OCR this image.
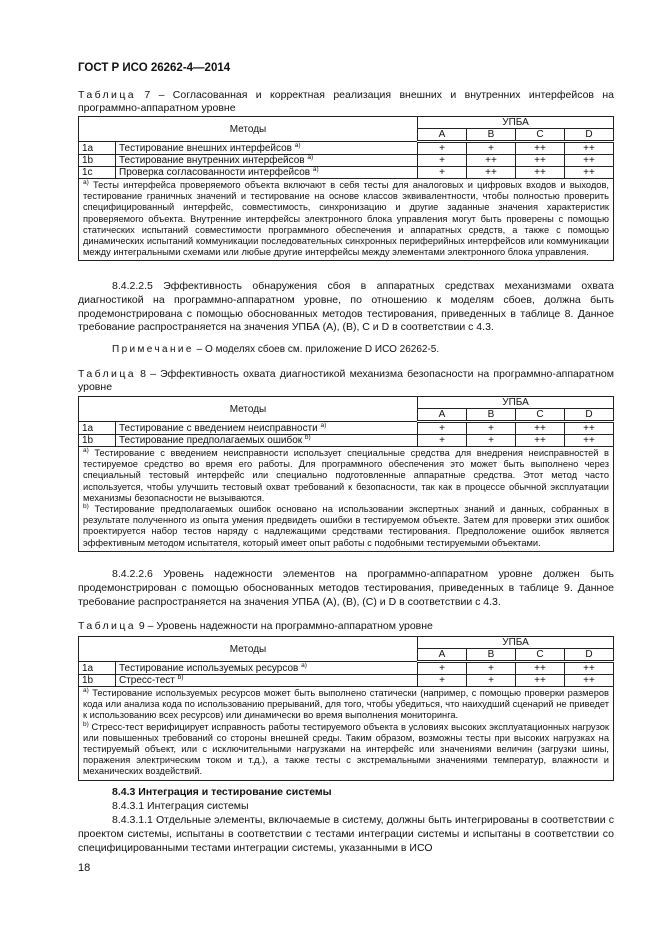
ГОСТ Р ИСО 26262-4—2014
Таблица 7 – Согласованная и корректная реализация внешних и внутренних интерфейсов на программно-аппаратном уровне
Методы		УПБА			
		A	B	C	D
1a	Тестирование внешних интерфейсов $^{a)}$	+	+	++	++
1b	Тестирование внутренних интерфейсов $^{a)}$	+	++	++	++
1c	Проверка согласованности интерфейсов $^{a)}$	+	++	++	++
$^{a)}$ Тесты интерфейса проверяемого объекта включают в себя тесты для аналоговых и цифровых входов и выходов, тестирование граничных значений и тестирование на основе классов эквивалентности, чтобы полностью проверить специфицированный интерфейс, совместимость, синхронизацию и другие заданные значения характеристик проверяемого объекта. Внутренние интерфейсы электронного блока управления могут быть проверены с помощью статических испытаний совместимости программного обеспечения и аппаратных средств, а также с помощью динамических испытаний коммуникации последовательных синхронных периферийных интерфейсов или коммуникации между интегральными схемами или любые другие интерфейсы между элементами электронного блока управления.					
8.4.2.2.5 Эффективность обнаружения сбоя в аппаратных средствах механизмами охвата диагностикой на программно-аппаратном уровне, по отношению к моделям сбоев, должна быть продемонстрирована с помощью обоснованных методов тестирования, приведенных в таблице 8. Данное требование распространяется на значения УПБА (A), (B), C и D в соответствии с 4.3.
Примечание – О моделях сбоев см. приложение D ИСО 26262-5.
Таблица 8 – Эффективность охвата диагностикой механизма безопасности на программно-аппаратном уровне
Методы		УПБА			
		A	B	C	D
1a	Тестирование с введением неисправности $^{a)}$	+	+	++	++
1b	Тестирование предполагаемых ошибок $^{b)}$	+	+	++	++

$^{a)}$ Тестирование с введением неисправности использует специальные средства для внедрения неисправностей в тестируемое средство во время его работы. Для программного обеспечения это может быть выполнено через специальный тестовый интерфейс или специально подготовленные аппаратные средства. Этот метод часто используется, чтобы улучшить тестовый охват требований к безопасности, так как в процессе обычной эксплуатации механизмы безопасности не вызываются.
$^{b)}$ Тестирование предполагаемых ошибок основано на использовании экспертных знаний и данных, собранных в результате полученного из опыта умения предвидеть ошибки в тестируемом объекте. Затем для проверки этих ошибок проектируется набор тестов наряду с надлежащими средствами тестирования. Предположение ошибок является эффективным методом испытателя, который имеет опыт работы с подобными тестируемыми объектами.					
8.4.2.2.6 Уровень надежности элементов на программно-аппаратном уровне должен быть продемонстрирован с помощью обоснованных методов тестирования, приведенных в таблице 9. Данное требование распространяется на значения УПБА (A), (B), (C) и D в соответствии с 4.3.
Таблица 9 – Уровень надежности на программно-аппаратном уровне
Методы		УПБА			
		A	B	C	D
1a	Тестирование используемых ресурсов $^{a)}$	+	+	++	++
1b	Стресс-тест $^{b)}$	+	+	++	++

$^{a)}$ Тестирование используемых ресурсов может быть выполнено статически (например, с помощью проверки размеров кода или анализа кода по использованию прерываний, для того, чтобы убедиться, что наихудший сценарий не приведет к использованию всех ресурсов) или динамически во время выполнения мониторинга.
$^{b)}$ Стресс-тест верифицирует исправность работы тестируемого объекта в условиях высоких эксплуатационных нагрузок или повышенных требований со стороны внешней среды. Таким образом, возможны тесты при высоких нагрузках на тестируемый объект, или с исключительными нагрузками на интерфейс или значениями величин (загрузки шины, поражения электрическим током и т.д.), а также тесты с экстремальными значениями температур, влажности и механических воздействий.					
8.4.3 Интеграция и тестирование системы
8.4.3.1 Интеграция системы
8.4.3.1.1 Отдельные элементы, включаемые в систему, должны быть интегрированы в соответствии с проектом системы, испытаны в соответствии с тестами интеграции системы и испытаны в соответствии со специфицированными тестами интеграции системы, указанными в ИСО
18
